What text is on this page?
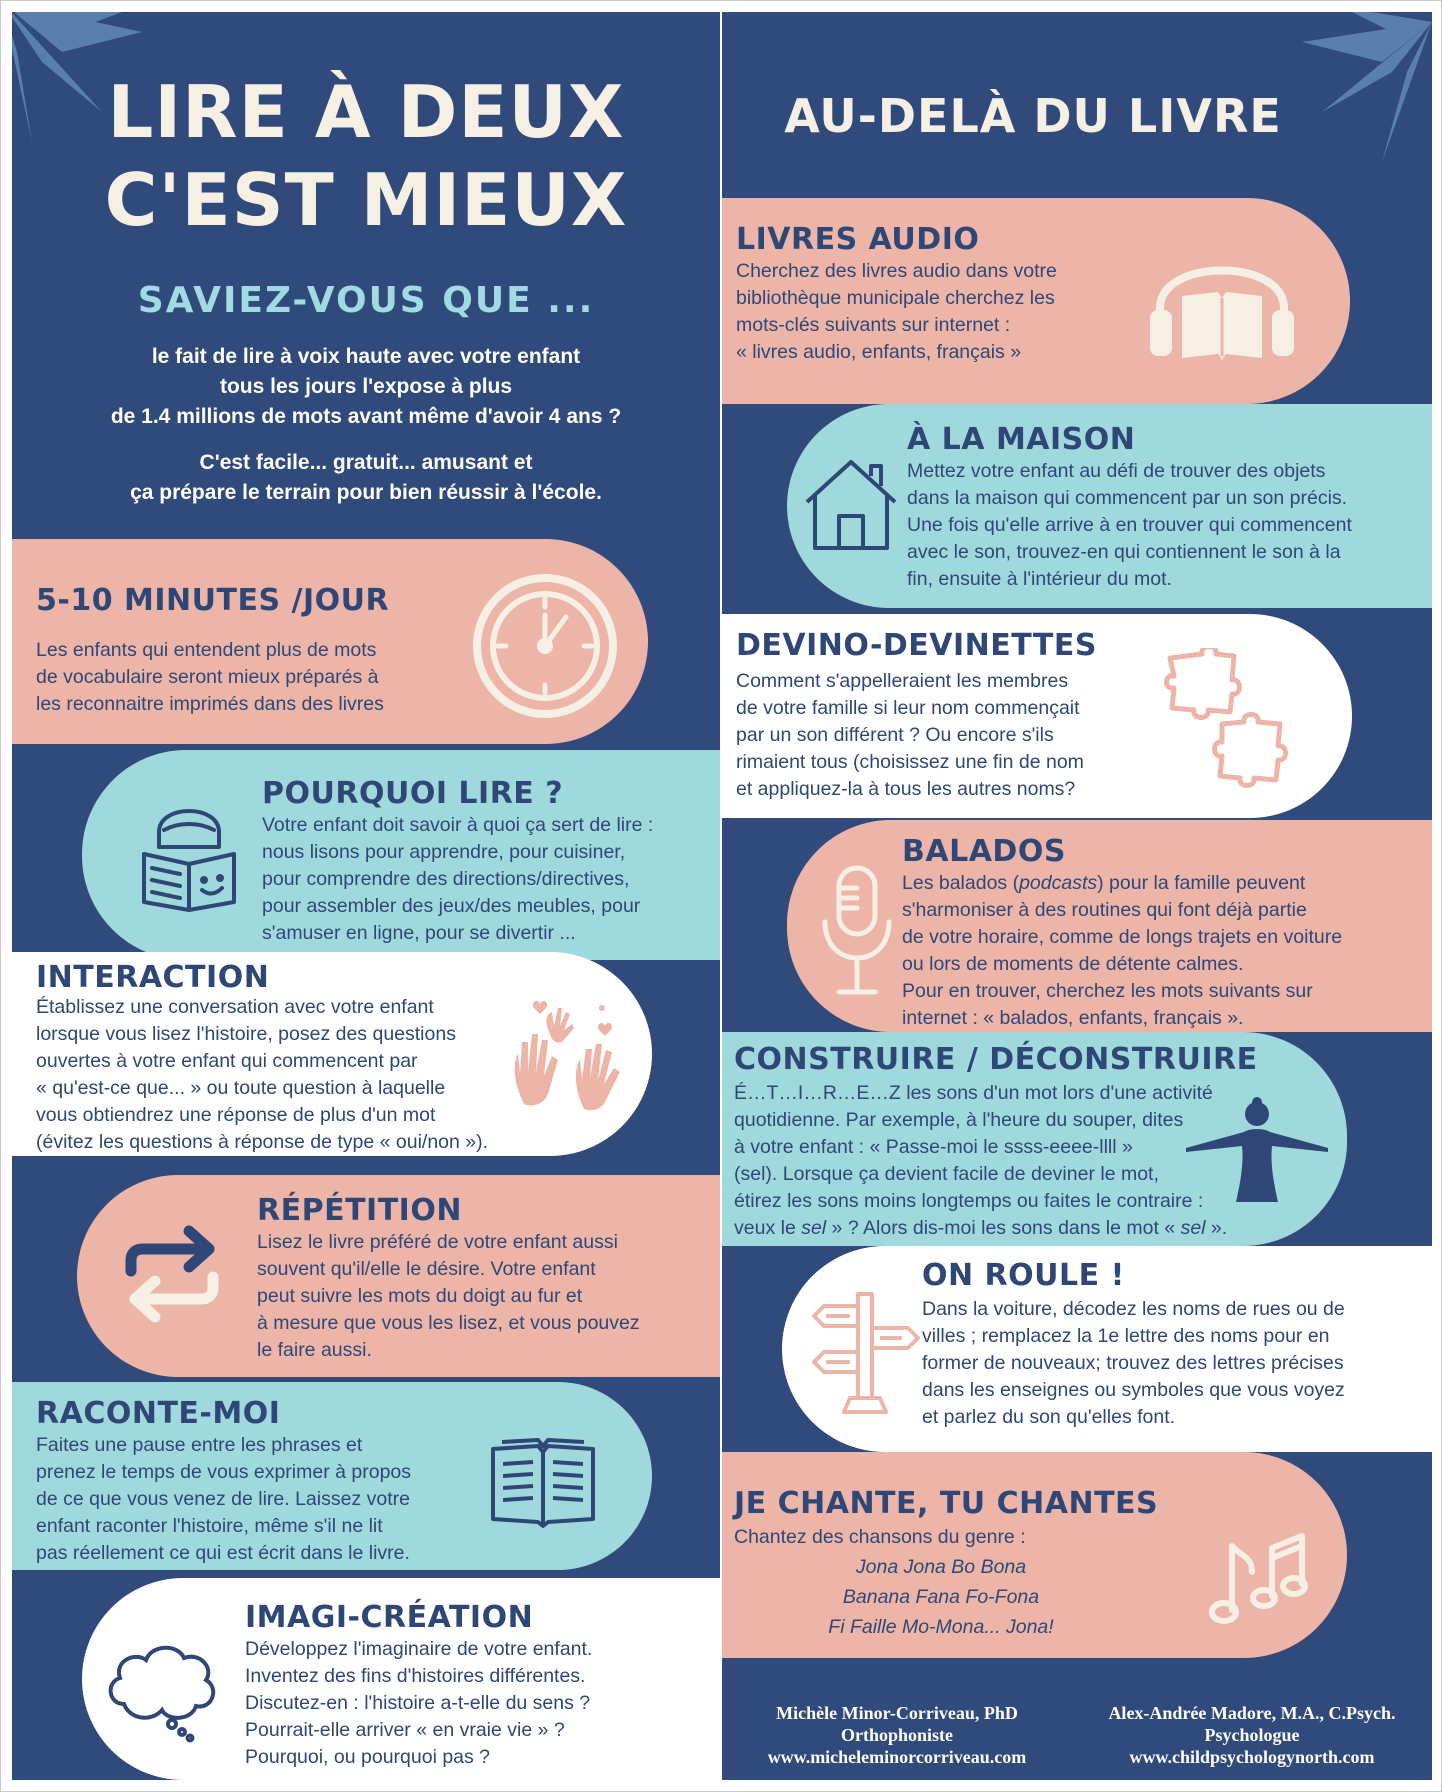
LIRE À DEUX
C'EST MIEUX
SAVIEZ-VOUS QUE ...
le fait de lire à voix haute avec votre enfant
tous les jours l'expose à plus
de 1.4 millions de mots avant même d'avoir 4 ans ?
C'est facile... gratuit... amusant et
ça prépare le terrain pour bien réussir à l'école.
5-10 MINUTES /JOUR
Les enfants qui entendent plus de mots
de vocabulaire seront mieux préparés à
les reconnaitre imprimés dans des livres
POURQUOI LIRE ?
Votre enfant doit savoir à quoi ça sert de lire :
nous lisons pour apprendre, pour cuisiner,
pour comprendre des directions/directives,
pour assembler des jeux/des meubles, pour
s'amuser en ligne, pour se divertir ...
INTERACTION
Établissez une conversation avec votre enfant
lorsque vous lisez l'histoire, posez des questions
ouvertes à votre enfant qui commencent par
« qu'est-ce que... » ou toute question à laquelle
vous obtiendrez une réponse de plus d'un mot
(évitez les questions à réponse de type « oui/non »).
RÉPÉTITION
Lisez le livre préféré de votre enfant aussi
souvent qu'il/elle le désire. Votre enfant
peut suivre les mots du doigt au fur et
à mesure que vous les lisez, et vous pouvez
le faire aussi.
RACONTE-MOI
Faites une pause entre les phrases et
prenez le temps de vous exprimer à propos
de ce que vous venez de lire. Laissez votre
enfant raconter l'histoire, même s'il ne lit
pas réellement ce qui est écrit dans le livre.
IMAGI-CRÉATION
Développez l'imaginaire de votre enfant.
Inventez des fins d'histoires différentes.
Discutez-en : l'histoire a-t-elle du sens ?
Pourrait-elle arriver « en vraie vie » ?
Pourquoi, ou pourquoi pas ?
AU-DELÀ DU LIVRE
LIVRES AUDIO
Cherchez des livres audio dans votre
bibliothèque municipale cherchez les
mots-clés suivants sur internet :
« livres audio, enfants, français »
À LA MAISON
Mettez votre enfant au défi de trouver des objets
dans la maison qui commencent par un son précis.
Une fois qu'elle arrive à en trouver qui commencent
avec le son, trouvez-en qui contiennent le son à la
fin, ensuite à l'intérieur du mot.
DEVINO-DEVINETTES
Comment s'appelleraient les membres
de votre famille si leur nom commençait
par un son différent ? Ou encore s'ils
rimaient tous (choisissez une fin de nom
et appliquez-la à tous les autres noms?
BALADOS
Les balados (podcasts) pour la famille peuvent
s'harmoniser à des routines qui font déjà partie
de votre horaire, comme de longs trajets en voiture
ou lors de moments de détente calmes.
Pour en trouver, cherchez les mots suivants sur
internet : « balados, enfants, français ».
CONSTRUIRE / DÉCONSTRUIRE
É…T…I…R…E…Z les sons d'un mot lors d'une activité
quotidienne. Par exemple, à l'heure du souper, dites
à votre enfant : « Passe-moi le ssss-eeee-llll »
(sel). Lorsque ça devient facile de deviner le mot,
étirez les sons moins longtemps ou faites le contraire :
veux le sel » ? Alors dis-moi les sons dans le mot « sel ».
ON ROULE !
Dans la voiture, décodez les noms de rues ou de
villes ; remplacez la 1e lettre des noms pour en
former de nouveaux; trouvez des lettres précises
dans les enseignes ou symboles que vous voyez
et parlez du son qu'elles font.
JE CHANTE, TU CHANTES
Chantez des chansons du genre :
Jona Jona Bo Bona
Banana Fana Fo-Fona
Fi Faille Mo-Mona... Jona!
Michèle Minor-Corriveau, PhD
Orthophoniste
www.micheleminorcorriveau.com
Alex-Andrée Madore, M.A., C.Psych.
Psychologue
www.childpsychologynorth.com
